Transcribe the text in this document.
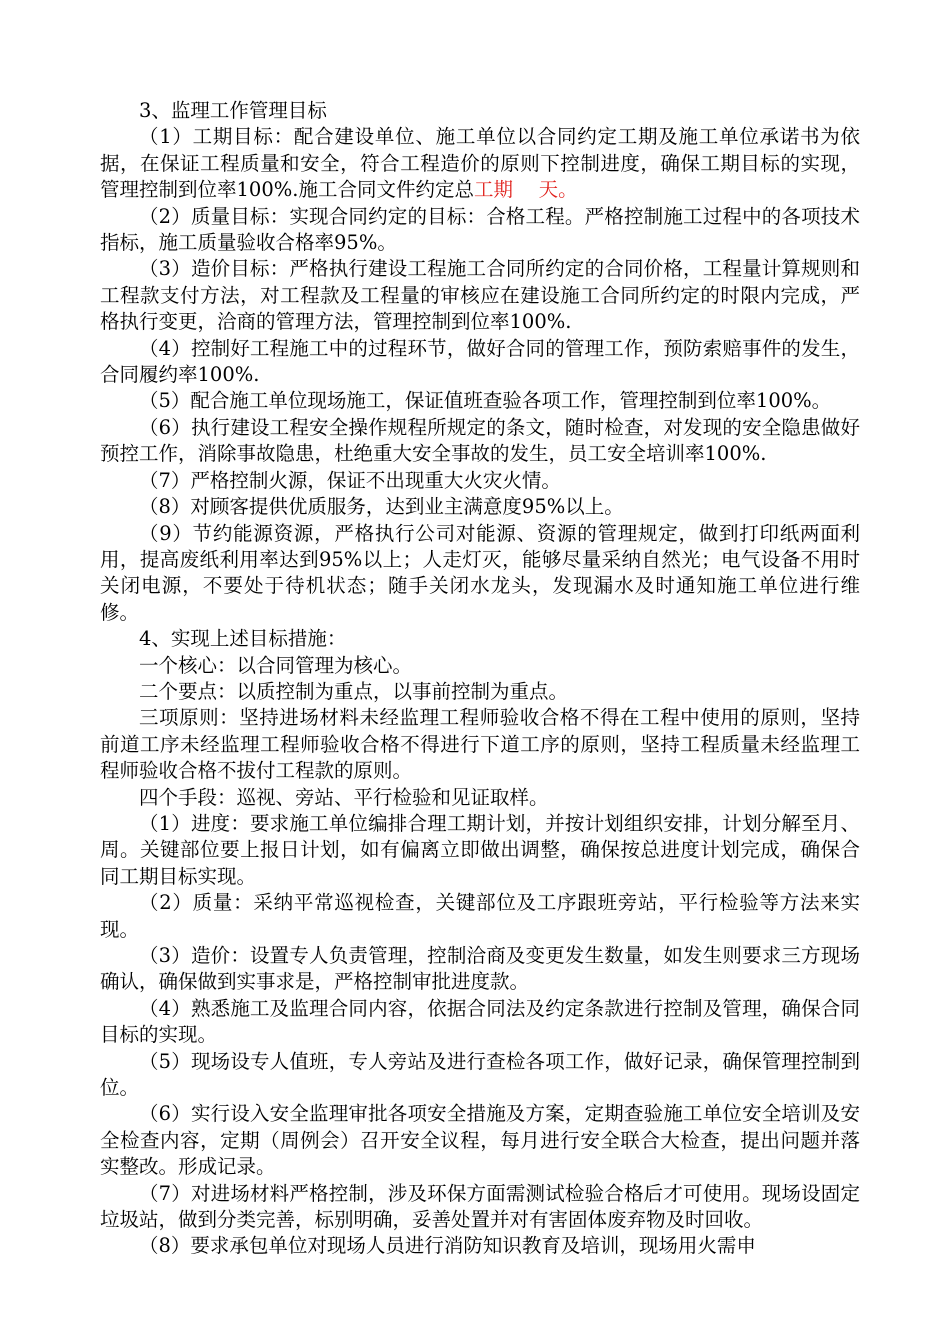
3、监理工作管理目标

（1）工期目标：配合建设单位、施工单位以合同约定工期及施工单位承诺书为依据，在保证工程质量和安全，符合工程造价的原则下控制进度，确保工期目标的实现，管理控制到位率100%.施工合同文件约定总工期　 天。

（2）质量目标：实现合同约定的目标：合格工程。严格控制施工过程中的各项技术指标，施工质量验收合格率95%。

（3）造价目标：严格执行建设工程施工合同所约定的合同价格，工程量计算规则和工程款支付方法，对工程款及工程量的审核应在建设施工合同所约定的时限内完成，严格执行变更，洽商的管理方法，管理控制到位率100%.

（4）控制好工程施工中的过程环节，做好合同的管理工作，预防索赔事件的发生，合同履约率100%.

（5）配合施工单位现场施工，保证值班查验各项工作，管理控制到位率100%。

（6）执行建设工程安全操作规程所规定的条文，随时检查，对发现的安全隐患做好预控工作，消除事故隐患，杜绝重大安全事故的发生，员工安全培训率100%.

（7）严格控制火源，保证不出现重大火灾火情。

（8）对顾客提供优质服务，达到业主满意度95%以上。

（9）节约能源资源，严格执行公司对能源、资源的管理规定，做到打印纸两面利用，提高废纸利用率达到95%以上；人走灯灭，能够尽量采纳自然光；电气设备不用时关闭电源，不要处于待机状态；随手关闭水龙头，发现漏水及时通知施工单位进行维修。

4、实现上述目标措施：

一个核心：以合同管理为核心。

二个要点：以质控制为重点，以事前控制为重点。

三项原则：坚持进场材料未经监理工程师验收合格不得在工程中使用的原则，坚持前道工序未经监理工程师验收合格不得进行下道工序的原则，坚持工程质量未经监理工程师验收合格不拔付工程款的原则。

四个手段：巡视、旁站、平行检验和见证取样。

（1）进度：要求施工单位编排合理工期计划，并按计划组织安排，计划分解至月、周。关键部位要上报日计划，如有偏离立即做出调整，确保按总进度计划完成，确保合同工期目标实现。

（2）质量：采纳平常巡视检查，关键部位及工序跟班旁站，平行检验等方法来实现。

（3）造价：设置专人负责管理，控制洽商及变更发生数量，如发生则要求三方现场确认，确保做到实事求是，严格控制审批进度款。

（4）熟悉施工及监理合同内容，依据合同法及约定条款进行控制及管理，确保合同目标的实现。

（5）现场设专人值班，专人旁站及进行查检各项工作，做好记录，确保管理控制到位。

（6）实行设入安全监理审批各项安全措施及方案，定期查验施工单位安全培训及安全检查内容，定期（周例会）召开安全议程，每月进行安全联合大检查，提出问题并落实整改。形成记录。

（7）对进场材料严格控制，涉及环保方面需测试检验合格后才可使用。现场设固定垃圾站，做到分类完善，标别明确，妥善处置并对有害固体废弃物及时回收。

（8）要求承包单位对现场人员进行消防知识教育及培训，现场用火需申
